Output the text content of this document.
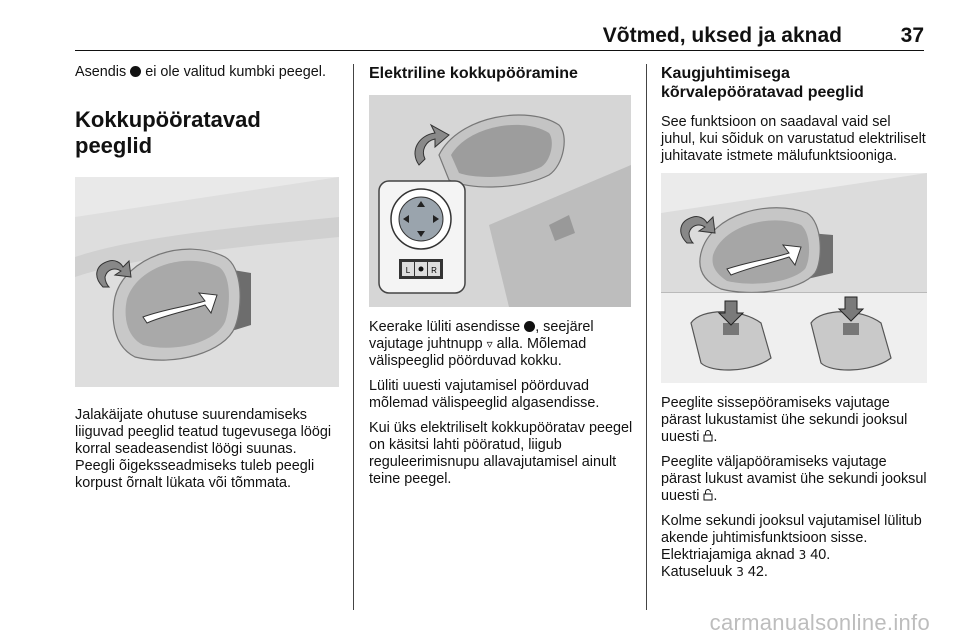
Võtmed, uksed ja aknad	37

Asendis  ei ole valitud kumbki peegel.

Kokkupööratavad peeglid

Jalakäijate ohutuse suurendamiseks liiguvad peeglid teatud tugevusega löögi korral seadeasendist löögi suunas. Peegli õigeksseadmiseks tuleb peegli korpust õrnalt lükata või tõmmata.

Elektriline kokkupööramine
L	R

Keerake lüliti asendisse , seejärel vajutage juhtnupp ▿ alla. Mõlemad välispeeglid pöörduvad kokku.

Lüliti uuesti vajutamisel pöörduvad mõlemad välispeeglid algasendisse.

Kui üks elektriliselt kokkupööratav peegel on käsitsi lahti pööratud, liigub reguleerimisnupu allavajutamisel ainult teine peegel.

Kaugjuhtimisega
kõrvalepööratavad peeglid

See funktsioon on saadaval vaid sel juhul, kui sõiduk on varustatud elektriliselt juhitavate istmete mälufunktsiooniga.

Peeglite sissepööramiseks vajutage pärast lukustamist ühe sekundi jooksul uuesti .

Peeglite väljapööramiseks vajutage pärast lukust avamist ühe sekundi jooksul uuesti .

Kolme sekundi jooksul vajutamisel lülitub akende juhtimisfunktsioon sisse. Elektriajamiga aknad 3 40.
Katuseluuk 3 42.

carmanualsonline.info
